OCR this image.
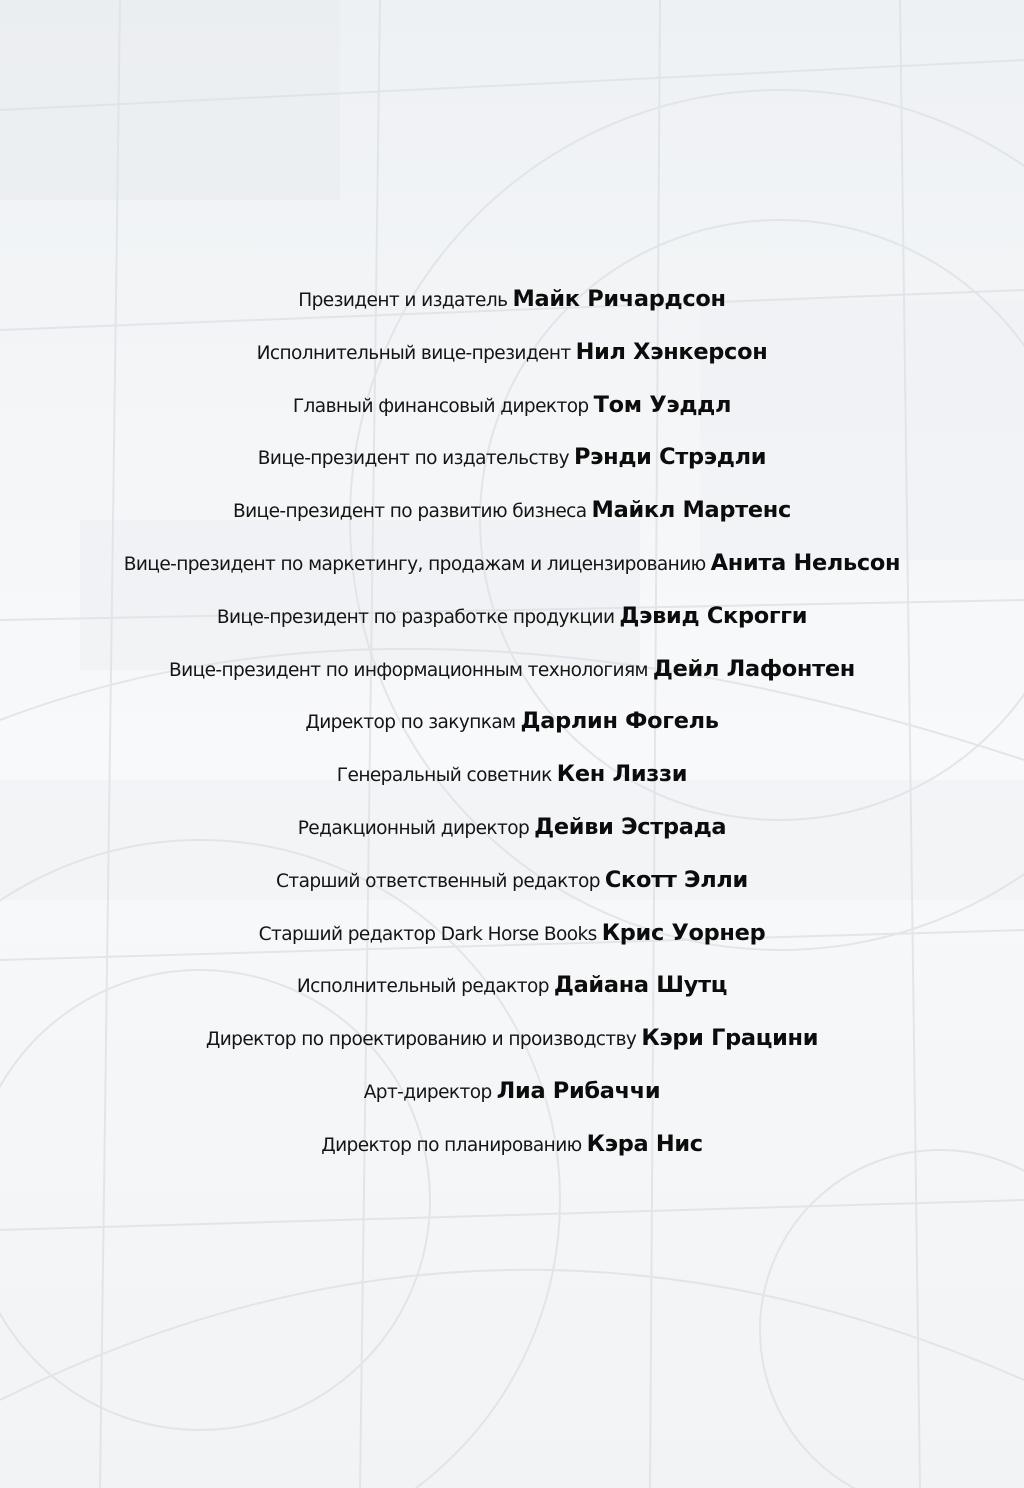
Президент и издатель Майк Ричардсон
Исполнительный вице-президент Нил Хэнкерсон
Главный финансовый директор Том Уэддл
Вице-президент по издательству Рэнди Стрэдли
Вице-президент по развитию бизнеса Майкл Мартенс
Вице-президент по маркетингу, продажам и лицензированию Анита Нельсон
Вице-президент по разработке продукции Дэвид Скрогги
Вице-президент по информационным технологиям Дейл Лафонтен
Директор по закупкам Дарлин Фогель
Генеральный советник Кен Лиззи
Редакционный директор Дейви Эстрада
Старший ответственный редактор Скотт Элли
Старший редактор Dark Horse Books Крис Уорнер
Исполнительный редактор Дайана Шутц
Директор по проектированию и производству Кэри Грацини
Арт-директор Лиа Рибаччи
Директор по планированию Кэра Нис
